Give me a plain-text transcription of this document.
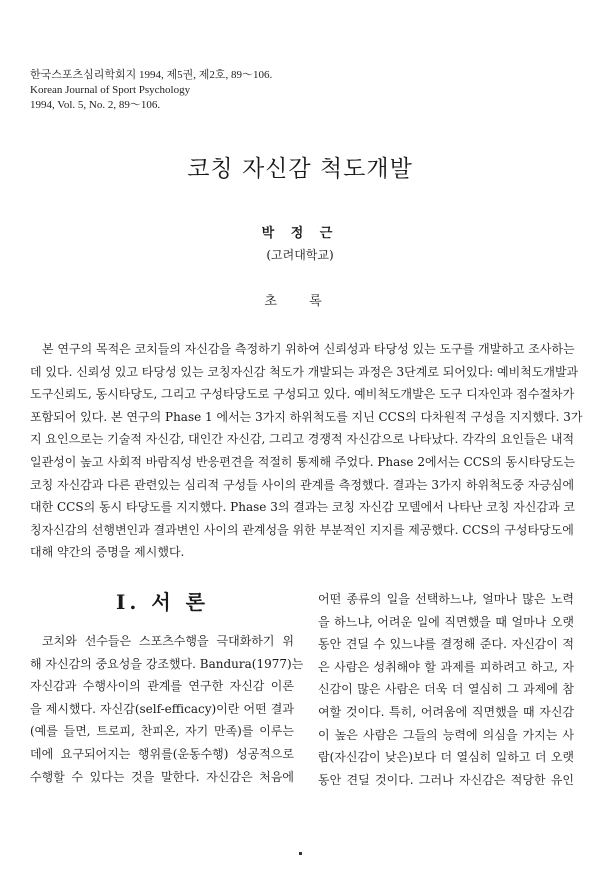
한국스포츠심리학회지 1994, 제5권, 제2호, 89～106.
Korean Journal of Sport Psychology
1994, Vol. 5, No. 2, 89～106.
코칭 자신감 척도개발
박 정 근
(고려대학교)
초 록
본 연구의 목적은 코치들의 자신감을 측정하기 위하여 신뢰성과 타당성 있는 도구를 개발하고 조사하는
데 있다. 신뢰성 있고 타당성 있는 코칭자신감 척도가 개발되는 과정은 3단계로 되어있다: 예비척도개발과
도구신뢰도, 동시타당도, 그리고 구성타당도로 구성되고 있다. 예비척도개발은 도구 디자인과 점수절차가
포함되어 있다. 본 연구의 Phase 1 에서는 3가지 하위척도를 지닌 CCS의 다차원적 구성을 지지했다. 3가
지 요인으로는 기술적 자신감, 대인간 자신감, 그리고 경쟁적 자신감으로 나타났다. 각각의 요인들은 내적
일관성이 높고 사회적 바람직성 반응편견을 적절히 통제해 주었다. Phase 2에서는 CCS의 동시타당도는
코칭 자신감과 다른 관련있는 심리적 구성들 사이의 관계를 측정했다. 결과는 3가지 하위척도중 자긍심에
대한 CCS의 동시 타당도를 지지했다. Phase 3의 결과는 코칭 자신감 모델에서 나타난 코칭 자신감과 코
칭자신감의 선행변인과 결과변인 사이의 관계성을 위한 부분적인 지지를 제공했다. CCS의 구성타당도에
대해 약간의 증명을 제시했다.
I. 서 론
코치와 선수들은 스포츠수행을 극대화하기 위
해 자신감의 중요성을 강조했다. Bandura(1977)는
자신감과 수행사이의 관계를 연구한 자신감 이론
을 제시했다. 자신감(self-efficacy)이란 어떤 결과
(예를 들면, 트로피, 찬피온, 자기 만족)를 이루는
데에 요구되어지는 행위를(운동수행) 성공적으로
수행할 수 있다는 것을 말한다. 자신감은 처음에
어떤 종류의 일을 선택하느냐, 얼마나 많은 노력
을 하느냐, 어려운 일에 직면했을 때 얼마나 오랫
동안 견딜 수 있느냐를 결정해 준다. 자신감이 적
은 사람은 성취해야 할 과제를 피하려고 하고, 자
신감이 많은 사람은 더욱 더 열심히 그 과제에 참
여할 것이다. 특히, 어려움에 직면했을 때 자신감
이 높은 사람은 그들의 능력에 의심을 가지는 사
람(자신감이 낮은)보다 더 열심히 일하고 더 오랫
동안 견딜 것이다. 그러나 자신감은 적당한 유인
